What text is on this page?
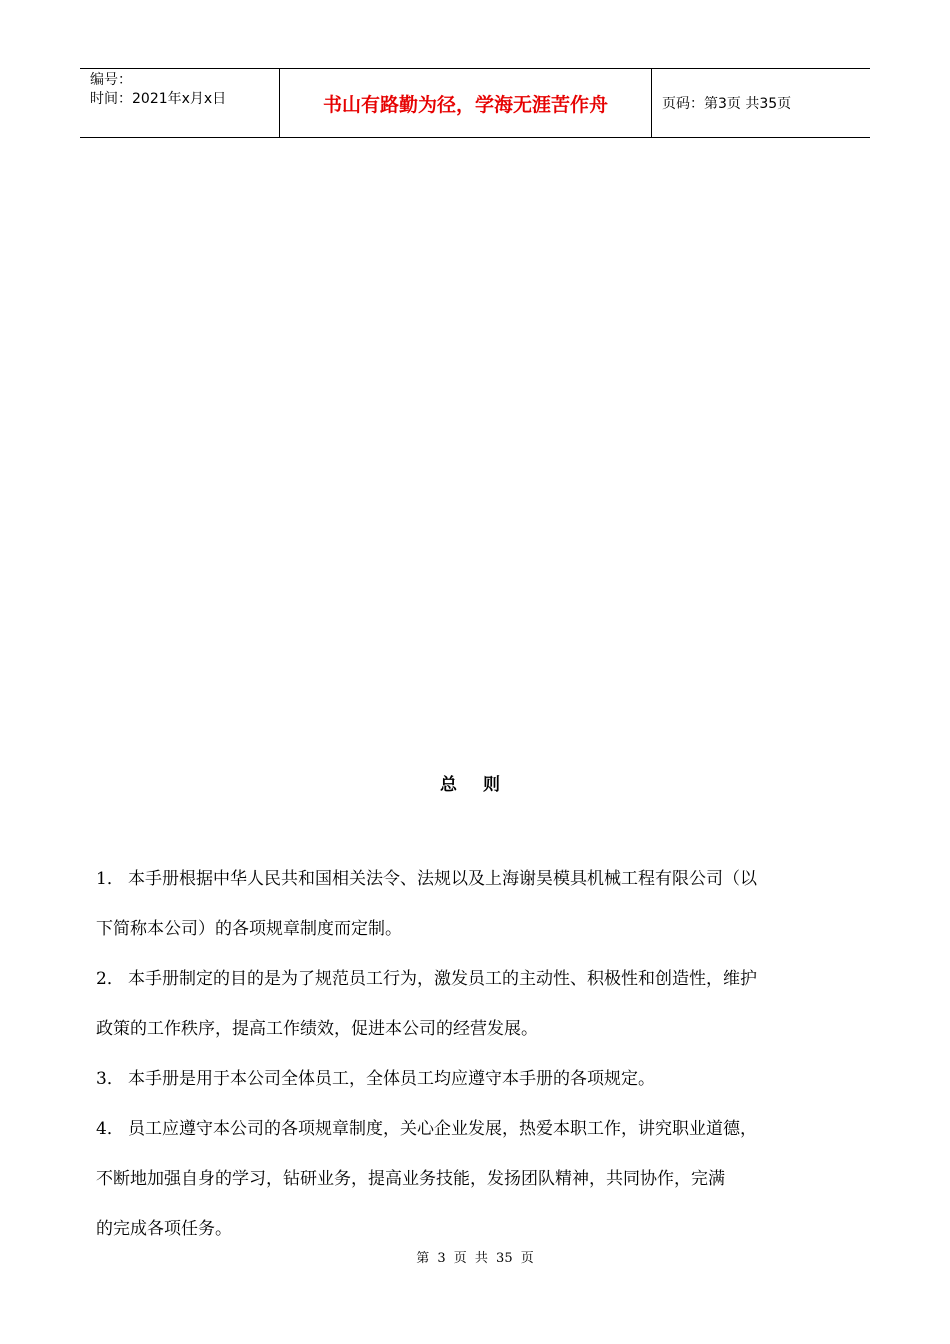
编号：
时间：2021年x月x日	书山有路勤为径，学海无涯苦作舟	页码：第3页 共35页
总 则
1． 本手册根据中华人民共和国相关法令、法规以及上海谢昊模具机械工程有限公司（以
下简称本公司）的各项规章制度而定制。
2． 本手册制定的目的是为了规范员工行为，激发员工的主动性、积极性和创造性，维护
政策的工作秩序，提高工作绩效，促进本公司的经营发展。
3． 本手册是用于本公司全体员工，全体员工均应遵守本手册的各项规定。
4． 员工应遵守本公司的各项规章制度，关心企业发展，热爱本职工作，讲究职业道德，
不断地加强自身的学习，钻研业务，提高业务技能，发扬团队精神，共同协作，完满
的完成各项任务。
第 3 页 共 35 页
